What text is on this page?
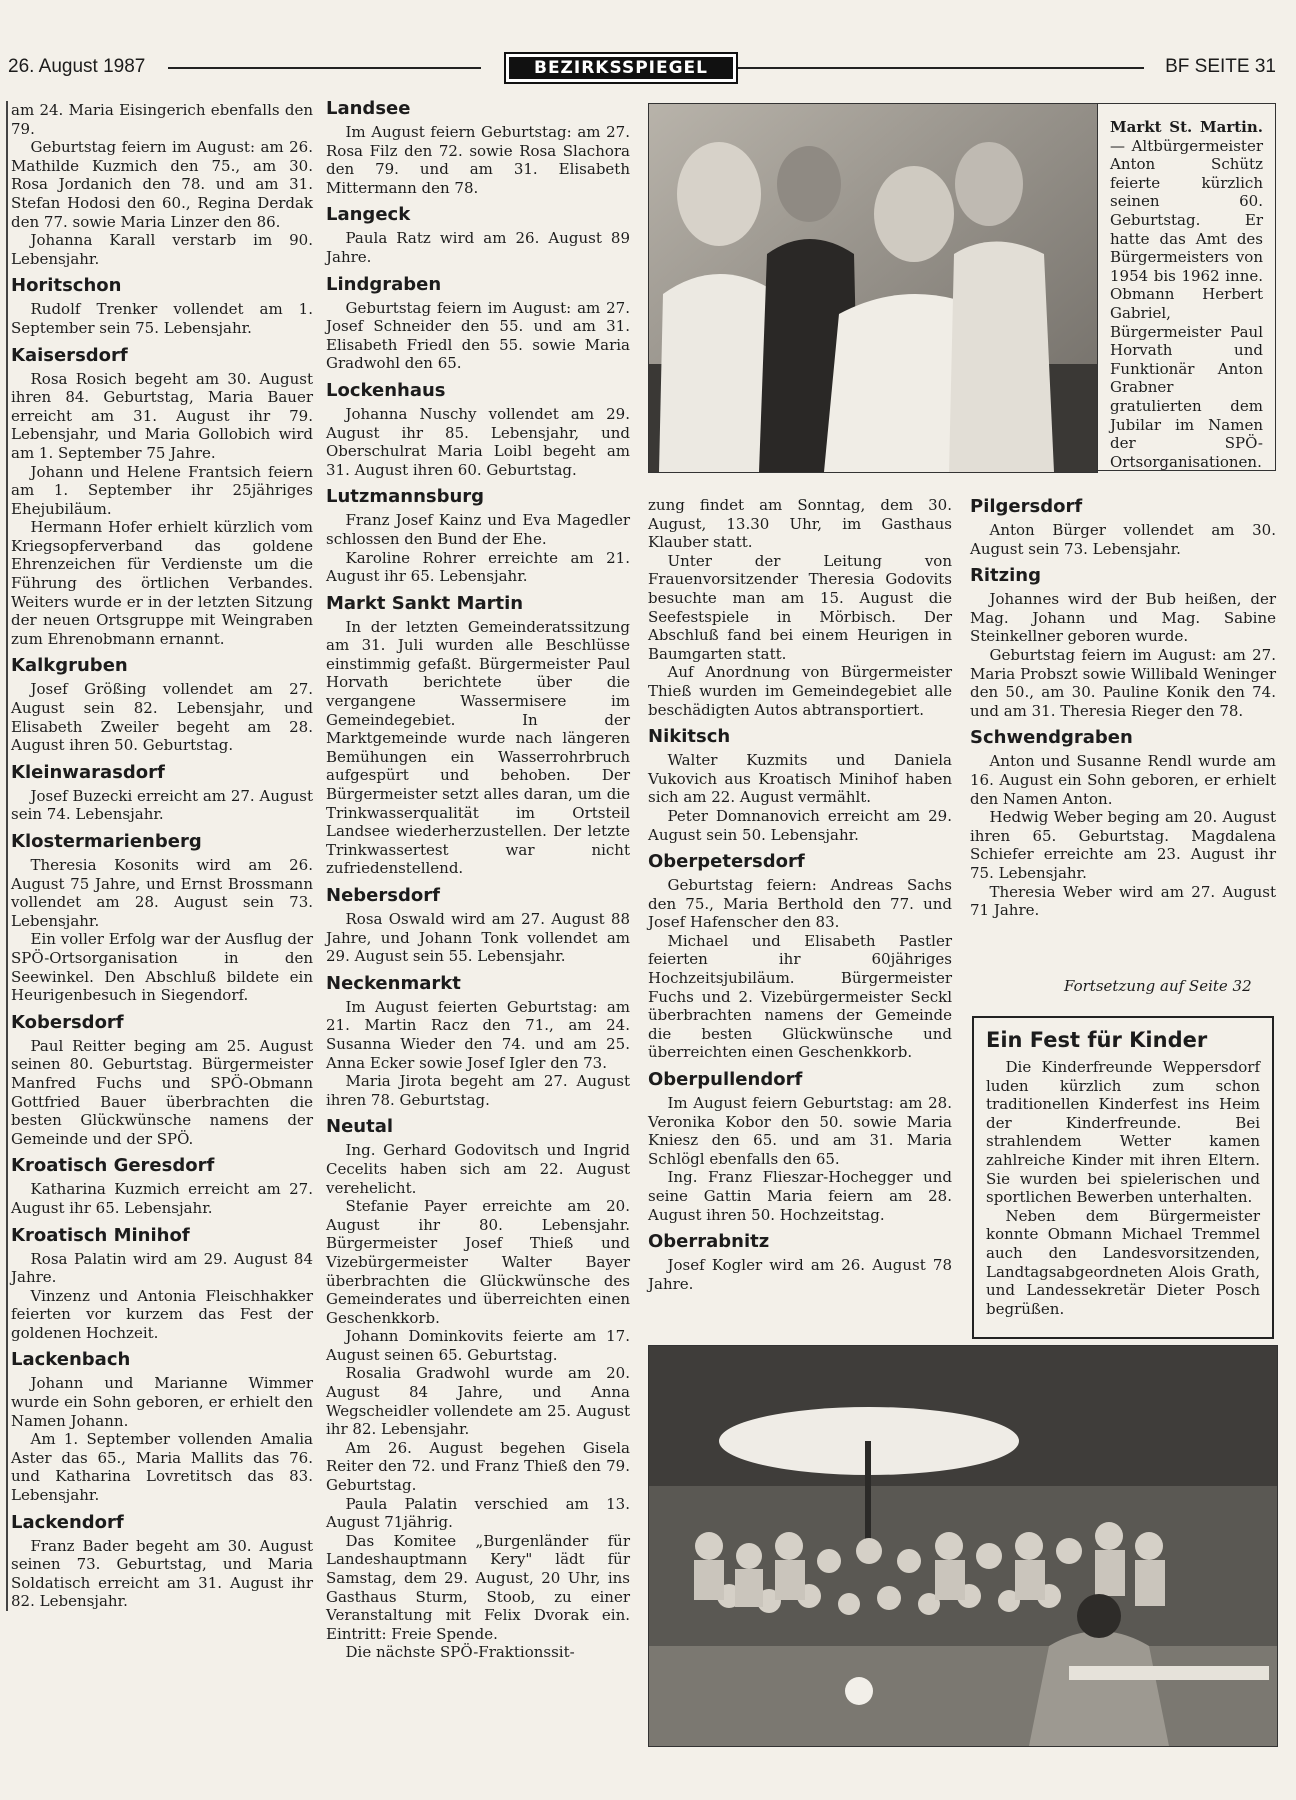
26. August 1987	BEZIRKSSPIEGEL	BF SEITE 31

am 24. Maria Eisingerich ebenfalls den 79.

Geburtstag feiern im August: am 26. Mathilde Kuzmich den 75., am 30. Rosa Jordanich den 78. und am 31. Stefan Hodosi den 60., Regina Derdak den 77. sowie Maria Linzer den 86.

Johanna Karall verstarb im 90. Lebensjahr.

Horitschon

Rudolf Trenker vollendet am 1. September sein 75. Lebensjahr.

Kaisersdorf

Rosa Rosich begeht am 30. August ihren 84. Geburtstag, Maria Bauer erreicht am 31. August ihr 79. Lebensjahr, und Maria Gollobich wird am 1. September 75 Jahre.

Johann und Helene Frantsich feiern am 1. September ihr 25jähriges Ehejubiläum.

Hermann Hofer erhielt kürzlich vom Kriegsopferverband das goldene Ehrenzeichen für Verdienste um die Führung des örtlichen Verbandes. Weiters wurde er in der letzten Sitzung der neuen Ortsgruppe mit Weingraben zum Ehrenobmann ernannt.

Kalkgruben

Josef Größing vollendet am 27. August sein 82. Lebensjahr, und Elisabeth Zweiler begeht am 28. August ihren 50. Geburtstag.

Kleinwarasdorf

Josef Buzecki erreicht am 27. August sein 74. Lebensjahr.

Klostermarienberg

Theresia Kosonits wird am 26. August 75 Jahre, und Ernst Brossmann vollendet am 28. August sein 73. Lebensjahr.

Ein voller Erfolg war der Ausflug der SPÖ-Ortsorganisation in den Seewinkel. Den Abschluß bildete ein Heurigenbesuch in Siegendorf.

Kobersdorf

Paul Reitter beging am 25. August seinen 80. Geburtstag. Bürgermeister Manfred Fuchs und SPÖ-Obmann Gottfried Bauer überbrachten die besten Glückwünsche namens der Gemeinde und der SPÖ.

Kroatisch Geresdorf

Katharina Kuzmich erreicht am 27. August ihr 65. Lebensjahr.

Kroatisch Minihof

Rosa Palatin wird am 29. August 84 Jahre.

Vinzenz und Antonia Fleischhakker feierten vor kurzem das Fest der goldenen Hochzeit.

Lackenbach

Johann und Marianne Wimmer wurde ein Sohn geboren, er erhielt den Namen Johann.

Am 1. September vollenden Amalia Aster das 65., Maria Mallits das 76. und Katharina Lovretitsch das 83. Lebensjahr.

Lackendorf

Franz Bader begeht am 30. August seinen 73. Geburtstag, und Maria Soldatisch erreicht am 31. August ihr 82. Lebensjahr.

Landsee

Im August feiern Geburtstag: am 27. Rosa Filz den 72. sowie Rosa Slachora den 79. und am 31. Elisabeth Mittermann den 78.

Langeck

Paula Ratz wird am 26. August 89 Jahre.

Lindgraben

Geburtstag feiern im August: am 27. Josef Schneider den 55. und am 31. Elisabeth Friedl den 55. sowie Maria Gradwohl den 65.

Lockenhaus

Johanna Nuschy vollendet am 29. August ihr 85. Lebensjahr, und Oberschulrat Maria Loibl begeht am 31. August ihren 60. Geburtstag.

Lutzmannsburg

Franz Josef Kainz und Eva Magedler schlossen den Bund der Ehe.

Karoline Rohrer erreichte am 21. August ihr 65. Lebensjahr.

Markt Sankt Martin

In der letzten Gemeinderatssitzung am 31. Juli wurden alle Beschlüsse einstimmig gefaßt. Bürgermeister Paul Horvath berichtete über die vergangene Wassermisere im Gemeindegebiet. In der Marktgemeinde wurde nach längeren Bemühungen ein Wasserrohrbruch aufgespürt und behoben. Der Bürgermeister setzt alles daran, um die Trinkwasserqualität im Ortsteil Landsee wiederherzustellen. Der letzte Trinkwassertest war nicht zufriedenstellend.

Nebersdorf

Rosa Oswald wird am 27. August 88 Jahre, und Johann Tonk vollendet am 29. August sein 55. Lebensjahr.

Neckenmarkt

Im August feierten Geburtstag: am 21. Martin Racz den 71., am 24. Susanna Wieder den 74. und am 25. Anna Ecker sowie Josef Igler den 73.

Maria Jirota begeht am 27. August ihren 78. Geburtstag.

Neutal

Ing. Gerhard Godovitsch und Ingrid Cecelits haben sich am 22. August verehelicht.

Stefanie Payer erreichte am 20. August ihr 80. Lebensjahr. Bürgermeister Josef Thieß und Vizebürgermeister Walter Bayer überbrachten die Glückwünsche des Gemeinderates und überreichten einen Geschenkkorb.

Johann Dominkovits feierte am 17. August seinen 65. Geburtstag.

Rosalia Gradwohl wurde am 20. August 84 Jahre, und Anna Wegscheidler vollendete am 25. August ihr 82. Lebensjahr.

Am 26. August begehen Gisela Reiter den 72. und Franz Thieß den 79. Geburtstag.

Paula Palatin verschied am 13. August 71jährig.

Das Komitee „Burgenländer für Landeshauptmann Kery" lädt für Samstag, dem 29. August, 20 Uhr, ins Gasthaus Sturm, Stoob, zu einer Veranstaltung mit Felix Dvorak ein. Eintritt: Freie Spende.

Die nächste SPÖ-Fraktionssit-

zung findet am Sonntag, dem 30. August, 13.30 Uhr, im Gasthaus Klauber statt.

Unter der Leitung von Frauenvorsitzender Theresia Godovits besuchte man am 15. August die Seefestspiele in Mörbisch. Der Abschluß fand bei einem Heurigen in Baumgarten statt.

Auf Anordnung von Bürgermeister Thieß wurden im Gemeindegebiet alle beschädigten Autos abtransportiert.

Nikitsch

Walter Kuzmits und Daniela Vukovich aus Kroatisch Minihof haben sich am 22. August vermählt.

Peter Domnanovich erreicht am 29. August sein 50. Lebensjahr.

Oberpetersdorf

Geburtstag feiern: Andreas Sachs den 75., Maria Berthold den 77. und Josef Hafenscher den 83.

Michael und Elisabeth Pastler feierten ihr 60jähriges Hochzeitsjubiläum. Bürgermeister Fuchs und 2. Vizebürgermeister Seckl überbrachten namens der Gemeinde die besten Glückwünsche und überreichten einen Geschenkkorb.

Oberpullendorf

Im August feiern Geburtstag: am 28. Veronika Kobor den 50. sowie Maria Kniesz den 65. und am 31. Maria Schlögl ebenfalls den 65.

Ing. Franz Flieszar-Hochegger und seine Gattin Maria feiern am 28. August ihren 50. Hochzeitstag.

Oberrabnitz

Josef Kogler wird am 26. August 78 Jahre.

Pilgersdorf

Anton Bürger vollendet am 30. August sein 73. Lebensjahr.

Ritzing

Johannes wird der Bub heißen, der Mag. Johann und Mag. Sabine Steinkellner geboren wurde.

Geburtstag feiern im August: am 27. Maria Probszt sowie Willibald Weninger den 50., am 30. Pauline Konik den 74. und am 31. Theresia Rieger den 78.

Schwendgraben

Anton und Susanne Rendl wurde am 16. August ein Sohn geboren, er erhielt den Namen Anton.

Hedwig Weber beging am 20. August ihren 65. Geburtstag. Magdalena Schiefer erreichte am 23. August ihr 75. Lebensjahr.

Theresia Weber wird am 27. August 71 Jahre.

Markt St. Martin. — Altbürgermeister Anton Schütz feierte kürzlich seinen 60. Geburtstag. Er hatte das Amt des Bürgermeisters von 1954 bis 1962 inne. Obmann Herbert Gabriel, Bürgermeister Paul Horvath und Funktionär Anton Grabner gratulierten dem Jubilar im Namen der SPÖ-Ortsorganisationen.
Fortsetzung auf Seite 32
Ein Fest für Kinder

Die Kinderfreunde Weppersdorf luden kürzlich zum schon traditionellen Kinderfest ins Heim der Kinderfreunde. Bei strahlendem Wetter kamen zahlreiche Kinder mit ihren Eltern. Sie wurden bei spielerischen und sportlichen Bewerben unterhalten.

Neben dem Bürgermeister konnte Obmann Michael Tremmel auch den Landesvorsitzenden, Landtagsabgeordneten Alois Grath, und Landessekretär Dieter Posch begrüßen.
